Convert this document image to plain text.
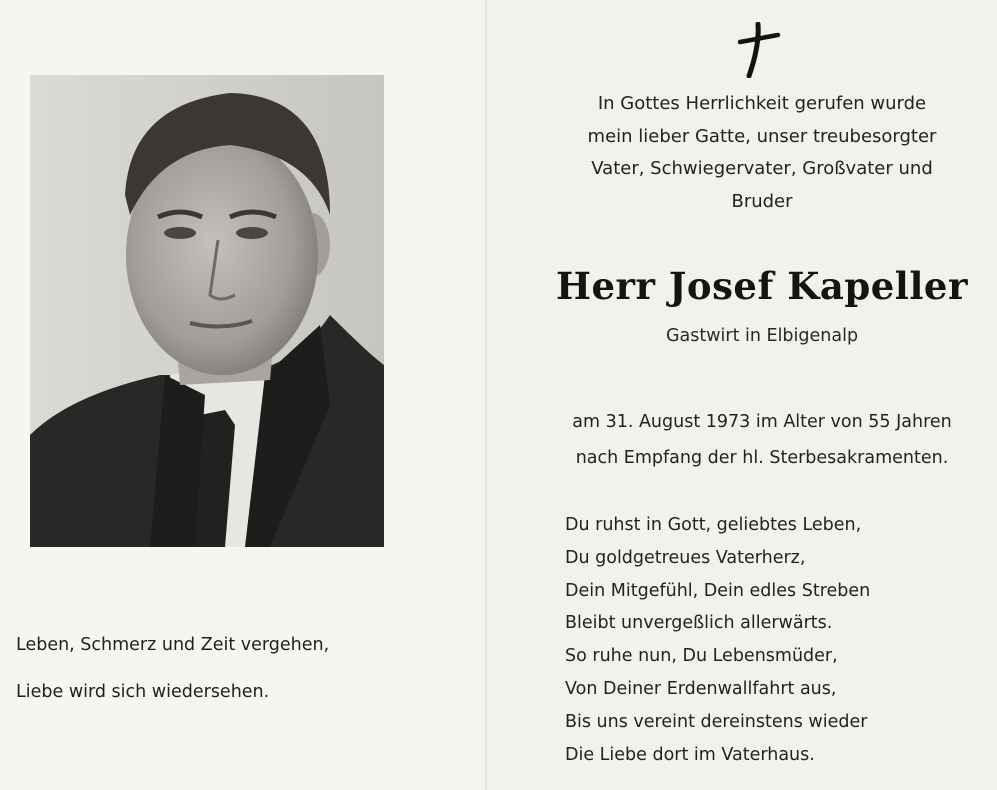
Leben, Schmerz und Zeit vergehen,
Liebe wird sich wiedersehen.
In Gottes Herrlichkeit gerufen wurde
mein lieber Gatte, unser treubesorgter
Vater, Schwiegervater, Großvater und
Bruder
Herr Josef Kapeller
Gastwirt in Elbigenalp
am 31. August 1973 im Alter von 55 Jahren
nach Empfang der hl. Sterbesakramenten.
Du ruhst in Gott, geliebtes Leben,
Du goldgetreues Vaterherz,
Dein Mitgefühl, Dein edles Streben
Bleibt unvergeßlich allerwärts.
So ruhe nun, Du Lebensmüder,
Von Deiner Erdenwallfahrt aus,
Bis uns vereint dereinstens wieder
Die Liebe dort im Vaterhaus.
